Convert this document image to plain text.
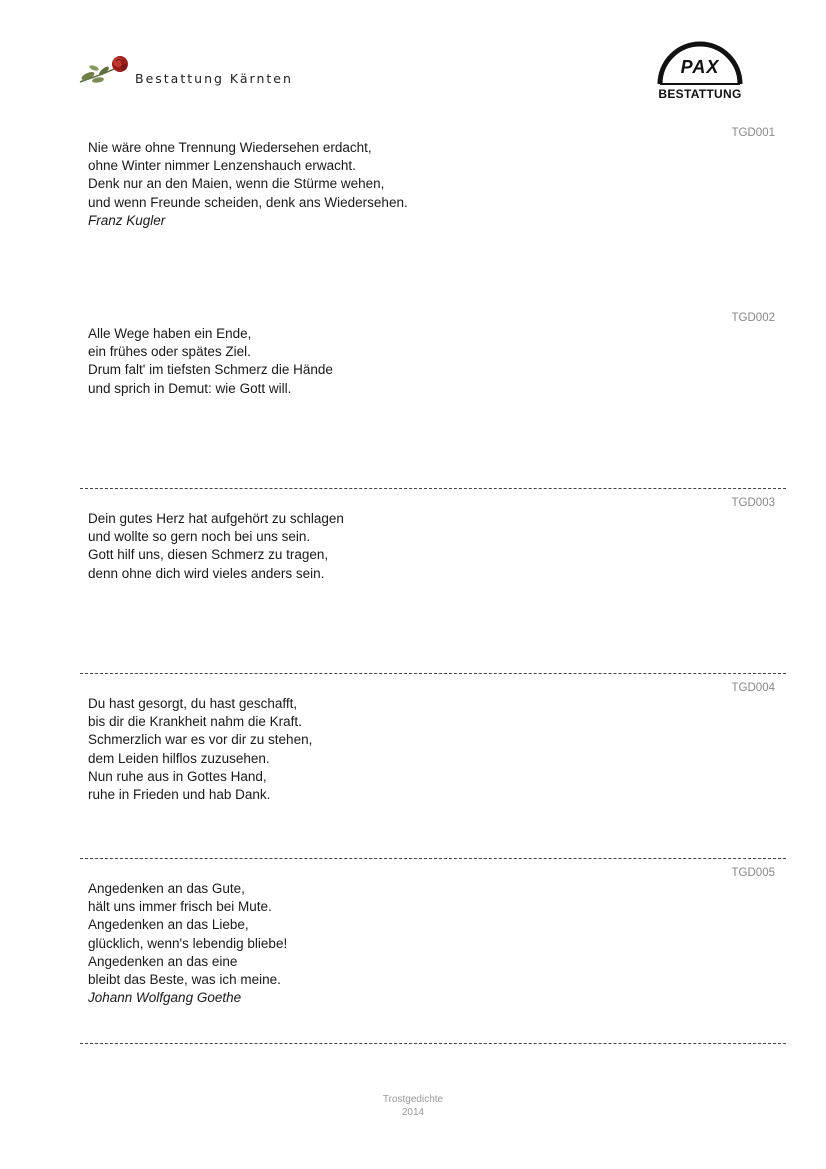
Bestattung Kärnten
PAX
BESTATTUNG
TGD001
Nie wäre ohne Trennung Wiedersehen erdacht,
ohne Winter nimmer Lenzenshauch erwacht.
Denk nur an den Maien, wenn die Stürme wehen,
und wenn Freunde scheiden, denk ans Wiedersehen.
Franz Kugler
TGD002
Alle Wege haben ein Ende,
ein frühes oder spätes Ziel.
Drum falt' im tiefsten Schmerz die Hände
und sprich in Demut: wie Gott will.
TGD003
Dein gutes Herz hat aufgehört zu schlagen
und wollte so gern noch bei uns sein.
Gott hilf uns, diesen Schmerz zu tragen,
denn ohne dich wird vieles anders sein.
TGD004
Du hast gesorgt, du hast geschafft,
bis dir die Krankheit nahm die Kraft.
Schmerzlich war es vor dir zu stehen,
dem Leiden hilflos zuzusehen.
Nun ruhe aus in Gottes Hand,
ruhe in Frieden und hab Dank.
TGD005
Angedenken an das Gute,
hält uns immer frisch bei Mute.
Angedenken an das Liebe,
glücklich, wenn's lebendig bliebe!
Angedenken an das eine
bleibt das Beste, was ich meine.
Johann Wolfgang Goethe
Trostgedichte
2014
